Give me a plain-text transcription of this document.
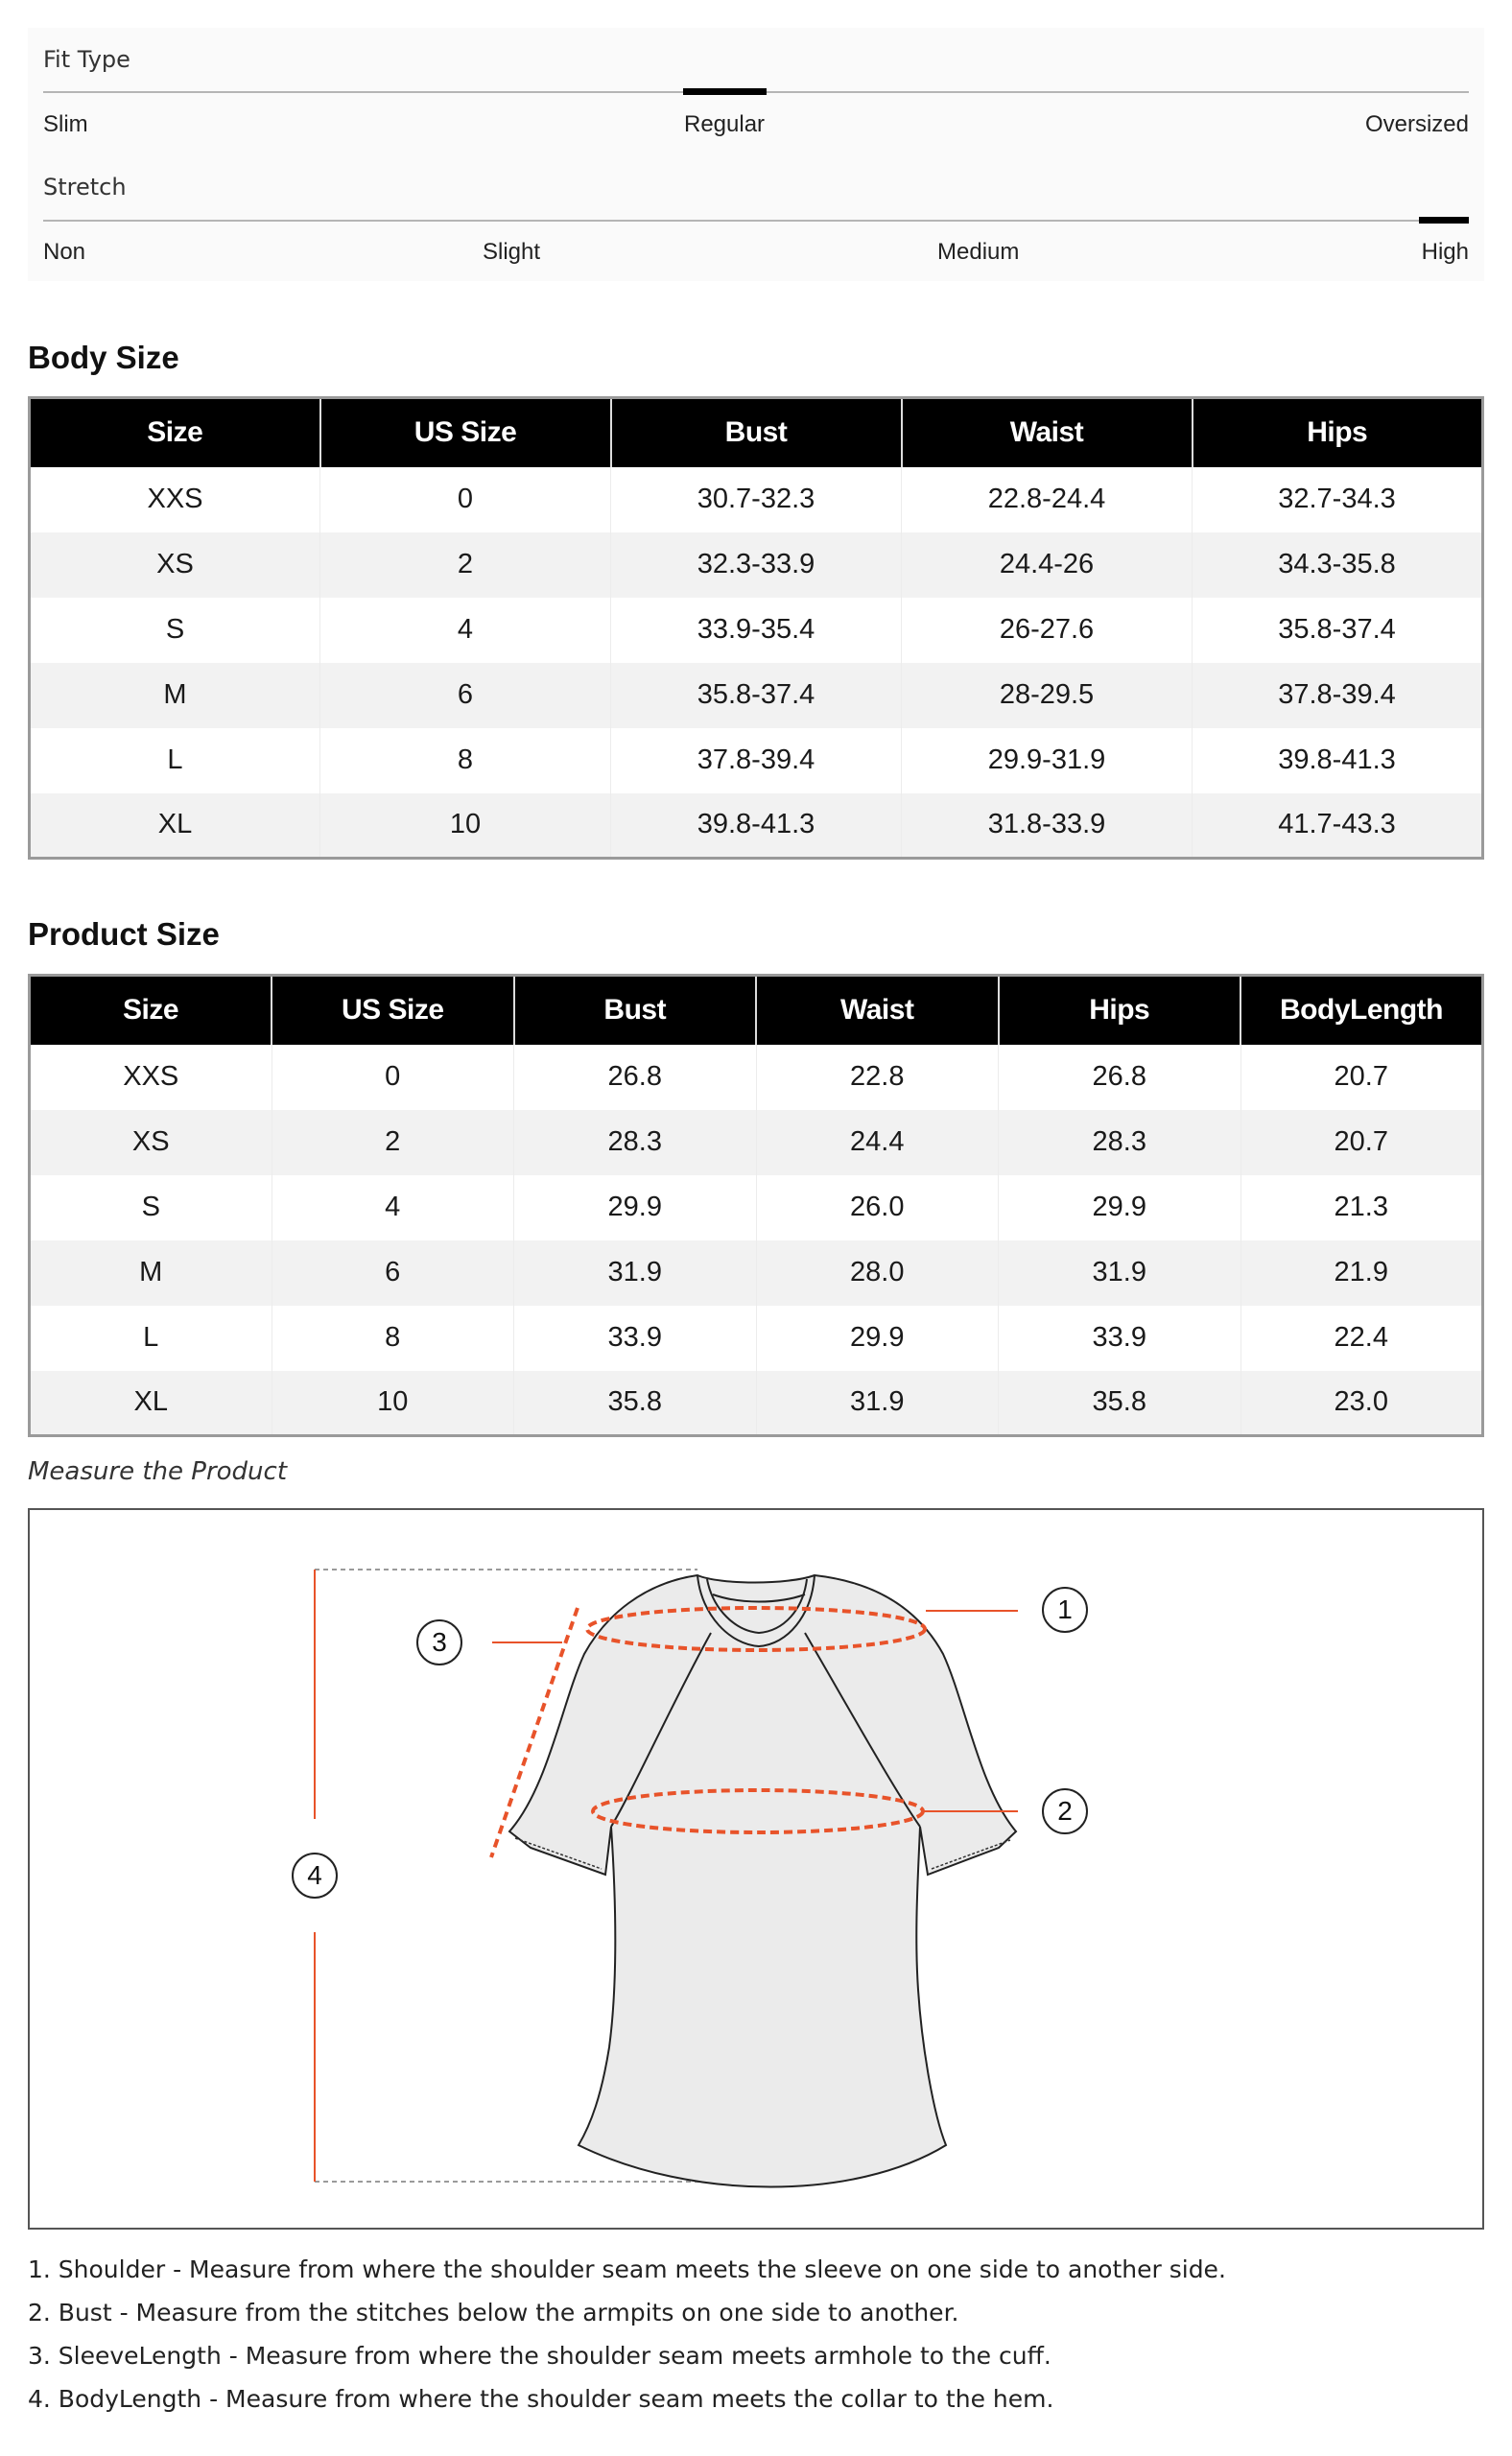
Fit Type
Slim	Regular	Oversized
Stretch
Non	Slight	Medium	High
Body Size
Size	US Size	Bust	Waist	Hips
XXS	0	30.7-32.3	22.8-24.4	32.7-34.3
XS	2	32.3-33.9	24.4-26	34.3-35.8
S	4	33.9-35.4	26-27.6	35.8-37.4
M	6	35.8-37.4	28-29.5	37.8-39.4
L	8	37.8-39.4	29.9-31.9	39.8-41.3
XL	10	39.8-41.3	31.8-33.9	41.7-43.3
Product Size
Size	US Size	Bust	Waist	Hips	BodyLength
XXS	0	26.8	22.8	26.8	20.7
XS	2	28.3	24.4	28.3	20.7
S	4	29.9	26.0	29.9	21.3
M	6	31.9	28.0	31.9	21.9
L	8	33.9	29.9	33.9	22.4
XL	10	35.8	31.9	35.8	23.0
Measure the Product
1
2
3
4
1. Shoulder - Measure from where the shoulder seam meets the sleeve on one side to another side.
2. Bust - Measure from the stitches below the armpits on one side to another.
3. SleeveLength - Measure from where the shoulder seam meets armhole to the cuff.
4. BodyLength - Measure from where the shoulder seam meets the collar to the hem.
